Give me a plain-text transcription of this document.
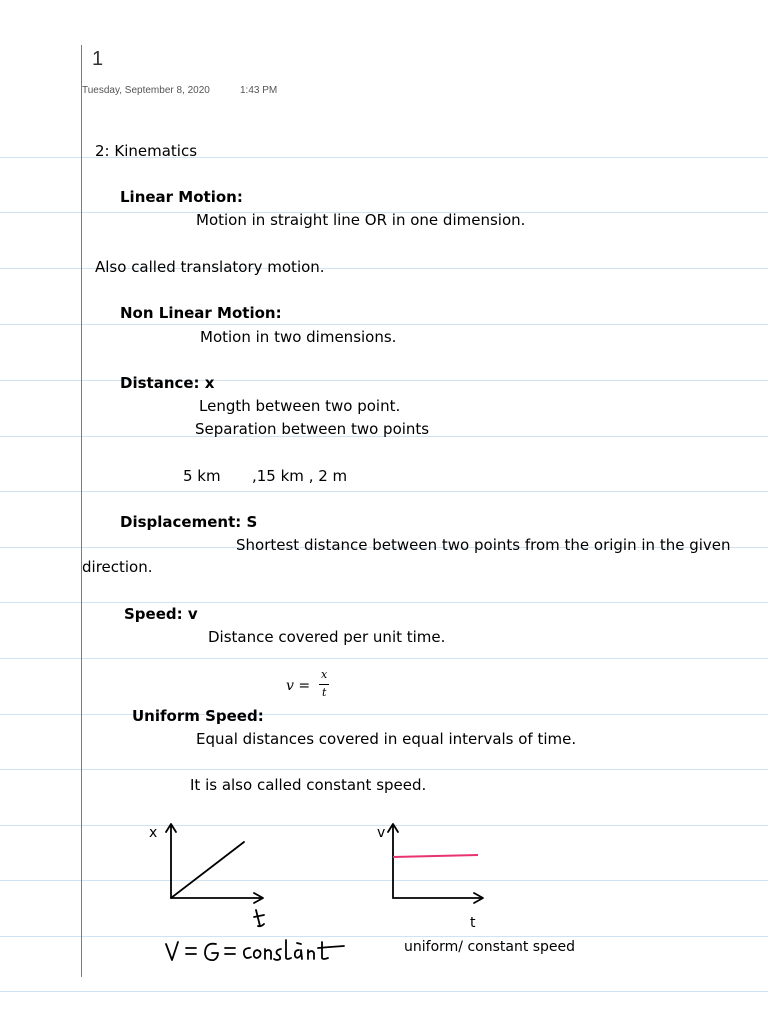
1
Tuesday, September 8, 2020	1:43 PM
2: Kinematics
Linear Motion:
Motion in straight line OR in one dimension.
Also called translatory motion.
Non Linear Motion:
Motion in two dimensions.
Distance: x
Length between two point.
Separation between two points
5 km ,15 km , 2 m
Displacement: S
Shortest distance between two points from the origin in the given
direction.
Speed: v
Distance covered per unit time.
v =
x
t
Uniform Speed:
Equal distances covered in equal intervals of time.
It is also called constant speed.
x	v
t
uniform/ constant speed
